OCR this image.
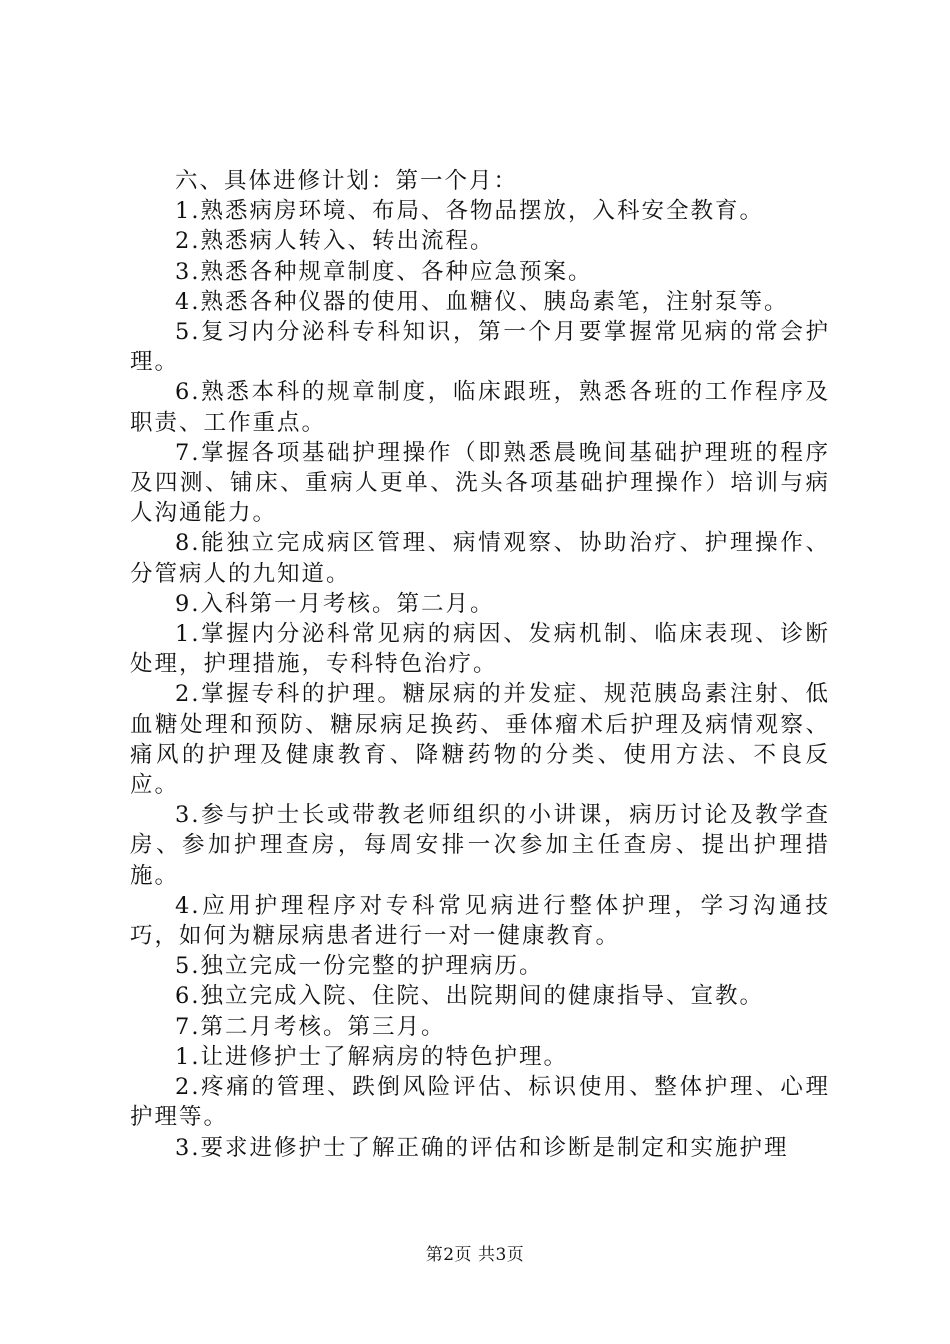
六、具体进修计划：第一个月：

1.熟悉病房环境、布局、各物品摆放，入科安全教育。

2.熟悉病人转入、转出流程。

3.熟悉各种规章制度、各种应急预案。

4.熟悉各种仪器的使用、血糖仪、胰岛素笔，注射泵等。

5.复习内分泌科专科知识，第一个月要掌握常见病的常会护理。

6.熟悉本科的规章制度，临床跟班，熟悉各班的工作程序及职责、工作重点。

7.掌握各项基础护理操作（即熟悉晨晚间基础护理班的程序及四测、铺床、重病人更单、洗头各项基础护理操作）培训与病人沟通能力。

8.能独立完成病区管理、病情观察、协助治疗、护理操作、分管病人的九知道。

9.入科第一月考核。第二月。

1.掌握内分泌科常见病的病因、发病机制、临床表现、诊断处理，护理措施，专科特色治疗。

2.掌握专科的护理。糖尿病的并发症、规范胰岛素注射、低血糖处理和预防、糖尿病足换药、垂体瘤术后护理及病情观察、痛风的护理及健康教育、降糖药物的分类、使用方法、不良反应。

3.参与护士长或带教老师组织的小讲课，病历讨论及教学查房、参加护理查房，每周安排一次参加主任查房、提出护理措施。

4.应用护理程序对专科常见病进行整体护理，学习沟通技巧，如何为糖尿病患者进行一对一健康教育。

5.独立完成一份完整的护理病历。

6.独立完成入院、住院、出院期间的健康指导、宣教。

7.第二月考核。第三月。

1.让进修护士了解病房的特色护理。

2.疼痛的管理、跌倒风险评估、标识使用、整体护理、心理护理等。

3.要求进修护士了解正确的评估和诊断是制定和实施护理

第2页 共3页
